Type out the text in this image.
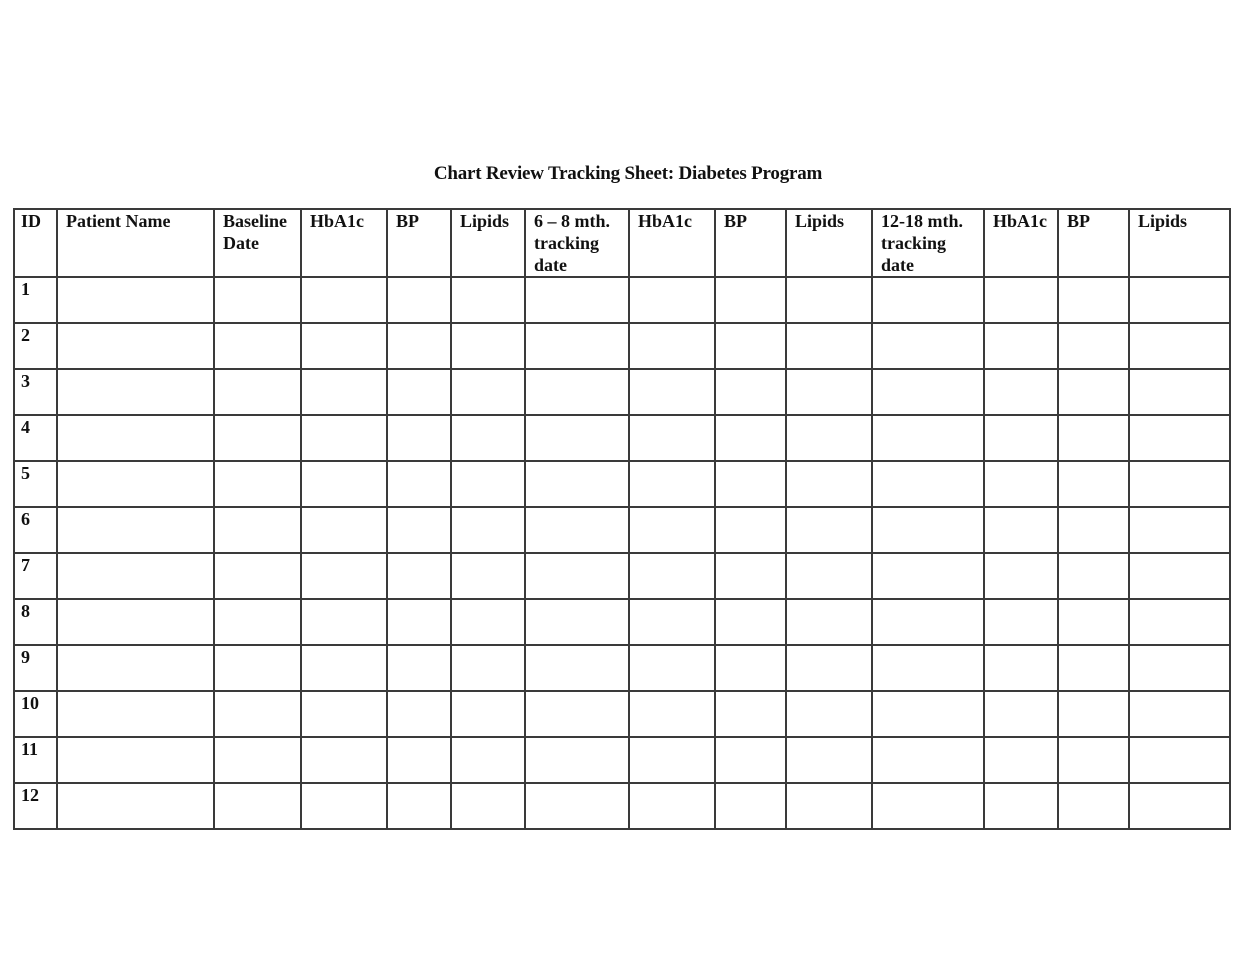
Chart Review Tracking Sheet: Diabetes Program
ID	Patient Name	Baseline Date	HbA1c	BP	Lipids	6 – 8 mth. tracking date	HbA1c	BP	Lipids	12-18 mth. tracking date	HbA1c	BP	Lipids
1													
2													
3													
4													
5													
6													
7													
8													
9													
10													
11													
12													
